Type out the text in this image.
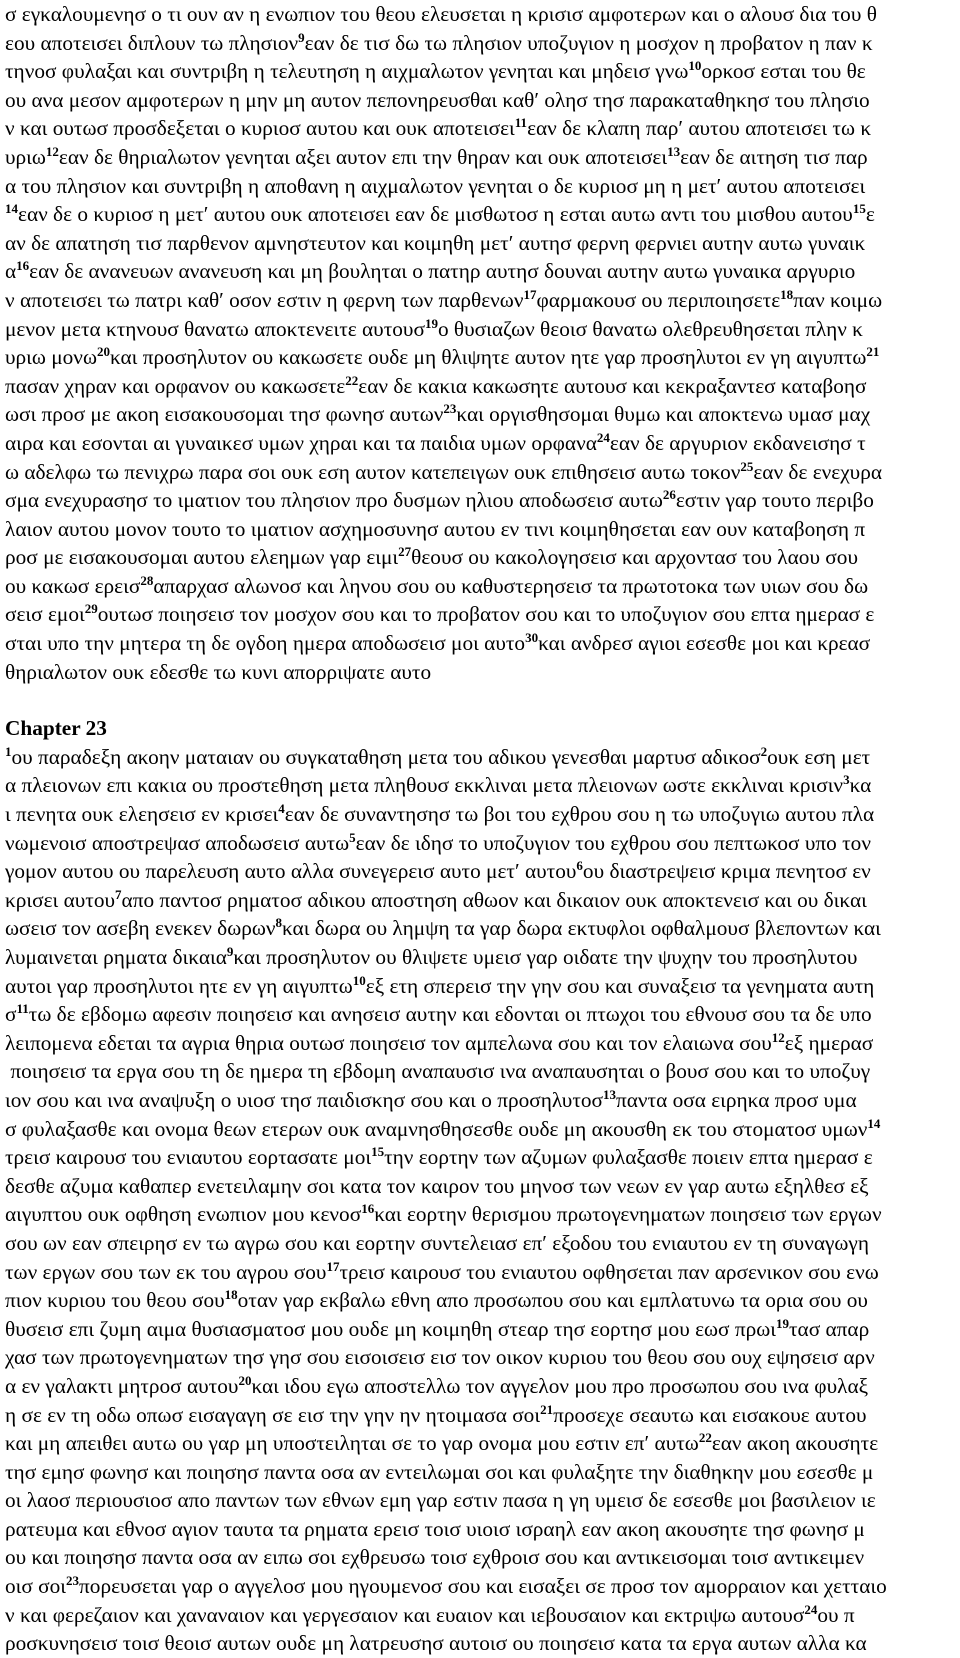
σ εγκαλουμενησ ο τι ουν αν η ενωπιον του θεου ελευσεται η κρισισ αμφοτερων και ο αλουσ δια του θ
εου αποτεισει διπλουν τω πλησιον$^9$εαν δε τισ δω τω πλησιον υποζυγιον η μοσχον η προβατον η παν κ
τηνοσ φυλαξαι και συντριβη η τελευτηση η αιχμαλωτον γενηται και μηδεισ γνω$^{10}$ορκοσ εσται του θε
ου ανα μεσον αμφοτερων η μην μη αυτον πεπονηρευσθαι καθ′ ολησ τησ παρακαταθηκησ του πλησιο
ν και ουτωσ προσδεξεται ο κυριοσ αυτου και ουκ αποτεισει$^{11}$εαν δε κλαπη παρ′ αυτου αποτεισει τω κ
υριω$^{12}$εαν δε θηριαλωτον γενηται αξει αυτον επι την θηραν και ουκ αποτεισει$^{13}$εαν δε αιτηση τισ παρ
α του πλησιον και συντριβη η αποθανη η αιχμαλωτον γενηται ο δε κυριοσ μη η μετ′ αυτου αποτεισει
$^{14}$εαν δε ο κυριοσ η μετ′ αυτου ουκ αποτεισει εαν δε μισθωτοσ η εσται αυτω αντι του μισθου αυτου$^{15}$ε
αν δε απατηση τισ παρθενον αμνηστευτον και κοιμηθη μετ′ αυτησ φερνη φερνιει αυτην αυτω γυναικ
$\alpha^{16}\varepsilon\alpha\nu$ δε ανανευων ανανευση και μη βουληται ο πατηρ αυτησ δουναι αυτην αυτω γυναικα αργυριο
ν αποτεισει τω πατρι καθ′ οσον εστιν η φερνη των παρθενων$^{17}$φαρμακουσ ου περιποιησετε$^{18}$παν κοιμω
μενον μετα κτηνουσ θανατω αποκτενειτε αυτουσ$^{19}$ο θυσιαζων θεοισ θανατω ολεθρευθησεται πλην κ
υριω μονω$^{20}$και προσηλυτον ου κακωσετε ουδε μη θλιψητε αυτον ητε γαρ προσηλυτοι εν γη αιγυπτω$^{21}$
πασαν χηραν και ορφανον ου κακωσετε$^{22}$εαν δε κακια κακωσητε αυτουσ και κεκραξαντεσ καταβοησ
ωσι προσ με ακοη εισακουσομαι τησ φωνησ αυτων$^{23}$και οργισθησομαι θυμω και αποκτενω υμασ μαχ
αιρα και εσονται αι γυναικεσ υμων χηραι και τα παιδια υμων ορφανα$^{24}$εαν δε αργυριον εκδανεισησ τ
ω αδελφω τω πενιχρω παρα σοι ουκ εση αυτον κατεπειγων ουκ επιθησεισ αυτω τοκον$^{25}$εαν δε ενεχυρα
σμα ενεχυρασησ το ιματιον του πλησιον προ δυσμων ηλιου αποδωσεισ αυτω$^{26}$εστιν γαρ τουτο περιβο
λαιον αυτου μονον τουτο το ιματιον ασχημοσυνησ αυτου εν τινι κοιμηθησεται εαν ουν καταβοηση π
ροσ με εισακουσομαι αυτου ελεημων γαρ ειμι$^{27}$θεουσ ου κακολογησεισ και αρχοντασ του λαου σου
ου κακωσ ερεισ$^{28}$απαρχασ αλωνοσ και ληνου σου ου καθυστερησεισ τα πρωτοτοκα των υιων σου δω
σεισ εμοι$^{29}$ουτωσ ποιησεισ τον μοσχον σου και το προβατον σου και το υποζυγιον σου επτα ημερασ ε
σται υπο την μητερα τη δε ογδοη ημερα αποδωσεισ μοι αυτο$^{30}$και ανδρεσ αγιοι εσεσθε μοι και κρεασ
θηριαλωτον ουκ εδεσθε τω κυνι απορριψατε αυτο
Chapter 23
$^1$ου παραδεξη ακοην ματαιαν ου συγκαταθηση μετα του αδικου γενεσθαι μαρτυσ αδικοσ$^2$ουκ εση μετ
α πλειονων επι κακια ου προστεθηση μετα πληθουσ εκκλιναι μετα πλειονων ωστε εκκλιναι κρισιν$^3$κα
ι πενητα ουκ ελεησεισ εν κρισει$^4$εαν δε συναντησησ τω βοι του εχθρου σου η τω υποζυγιω αυτου πλα
νωμενοισ αποστρεψασ αποδωσεισ αυτω$^5$εαν δε ιδησ το υποζυγιον του εχθρου σου πεπτωκοσ υπο τον
γομον αυτου ου παρελευση αυτο αλλα συνεγερεισ αυτο μετ′ αυτου$^6$ου διαστρεψεισ κριμα πενητοσ εν
κρισει αυτου$^7$απο παντοσ ρηματοσ αδικου αποστηση αθωον και δικαιον ουκ αποκτενεισ και ου δικαι
ωσεισ τον ασεβη ενεκεν δωρων$^8$και δωρα ου λημψη τα γαρ δωρα εκτυφλοι οφθαλμουσ βλεποντων και
λυμαινεται ρηματα δικαια$^9$και προσηλυτον ου θλιψετε υμεισ γαρ οιδατε την ψυχην του προσηλυτου
αυτοι γαρ προσηλυτοι ητε εν γη αιγυπτω$^{10}$εξ ετη σπερεισ την γην σου και συναξεισ τα γενηματα αυτη
$\sigma^{11}\tau\omega$ δε εβδομω αφεσιν ποιησεισ και ανησεισ αυτην και εδονται οι πτωχοι του εθνουσ σου τα δε υπο
λειπομενα εδεται τα αγρια θηρια ουτωσ ποιησεισ τον αμπελωνα σου και τον ελαιωνα σου$^{12}$εξ ημερασ
ποιησεισ τα εργα σου τη δε ημερα τη εβδομη αναπαυσισ ινα αναπαυσηται ο βουσ σου και το υποζυγ
ιον σου και ινα αναψυξη ο υιοσ τησ παιδισκησ σου και ο προσηλυτοσ$^{13}$παντα οσα ειρηκα προσ υμα
σ φυλαξασθε και ονομα θεων ετερων ουκ αναμνησθησεσθε ουδε μη ακουσθη εκ του στοματοσ υμων$^{14}$
τρεισ καιρουσ του ενιαυτου εορτασατε μοι$^{15}$την εορτην των αζυμων φυλαξασθε ποιειν επτα ημερασ ε
δεσθε αζυμα καθαπερ ενετειλαμην σοι κατα τον καιρον του μηνοσ των νεων εν γαρ αυτω εξηλθεσ εξ
αιγυπτου ουκ οφθηση ενωπιον μου κενοσ$^{16}$και εορτην θερισμου πρωτογενηματων ποιησεισ των εργων
σου ων εαν σπειρησ εν τω αγρω σου και εορτην συντελειασ επ′ εξοδου του ενιαυτου εν τη συναγωγη
των εργων σου των εκ του αγρου σου$^{17}$τρεισ καιρουσ του ενιαυτου οφθησεται παν αρσενικον σου ενω
πιον κυριου του θεου σου$^{18}$οταν γαρ εκβαλω εθνη απο προσωπου σου και εμπλατυνω τα ορια σου ου
θυσεισ επι ζυμη αιμα θυσιασματοσ μου ουδε μη κοιμηθη στεαρ τησ εορτησ μου εωσ πρωι$^{19}$τασ απαρ
χασ των πρωτογενηματων τησ γησ σου εισοισεισ εισ τον οικον κυριου του θεου σου ουχ εψησεισ αρν
α εν γαλακτι μητροσ αυτου$^{20}$και ιδου εγω αποστελλω τον αγγελον μου προ προσωπου σου ινα φυλαξ
η σε εν τη οδω οπωσ εισαγαγη σε εισ την γην ην ητοιμασα σοι$^{21}$προσεχε σεαυτω και εισακουε αυτου
και μη απειθει αυτω ου γαρ μη υποστειληται σε το γαρ ονομα μου εστιν επ′ αυτω$^{22}$εαν ακοη ακουσητε
τησ εμησ φωνησ και ποιησησ παντα οσα αν εντειλωμαι σοι και φυλαξητε την διαθηκην μου εσεσθε μ
οι λαοσ περιουσιοσ απο παντων των εθνων εμη γαρ εστιν πασα η γη υμεισ δε εσεσθε μοι βασιλειον ιε
ρατευμα και εθνοσ αγιον ταυτα τα ρηματα ερεισ τοισ υιοισ ισραηλ εαν ακοη ακουσητε τησ φωνησ μ
ου και ποιησησ παντα οσα αν ειπω σοι εχθρευσω τοισ εχθροισ σου και αντικεισομαι τοισ αντικειμεν
οισ σοι$^{23}$πορευσεται γαρ ο αγγελοσ μου ηγουμενοσ σου και εισαξει σε προσ τον αμορραιον και χετταιο
ν και φερεζαιον και χαναναιον και γεργεσαιον και ευαιον και ιεβουσαιον και εκτριψω αυτουσ$^{24}$ου π
ροσκυνησεισ τοισ θεοισ αυτων ουδε μη λατρευσησ αυτοισ ου ποιησεισ κατα τα εργα αυτων αλλα κα
